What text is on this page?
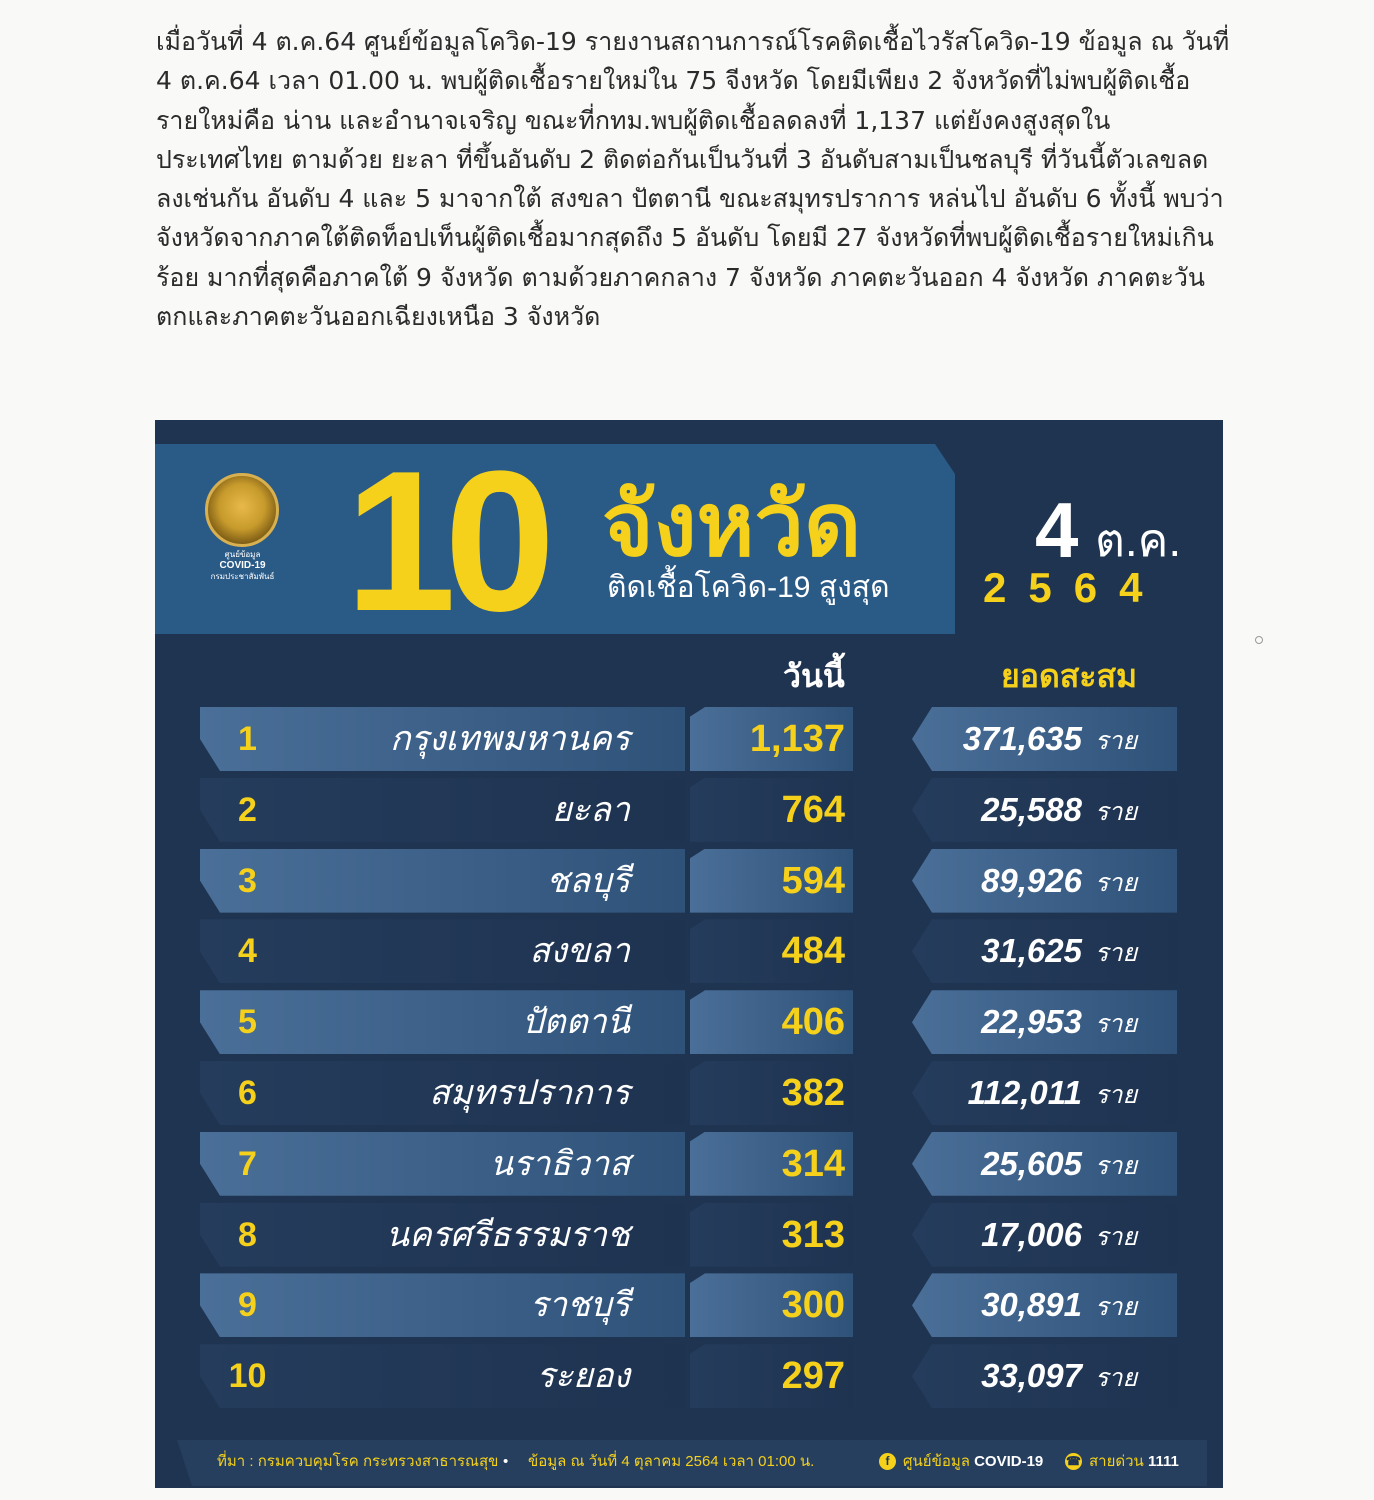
เมื่อวันที่ 4 ต.ค.64 ศูนย์ข้อมูลโควิด-19 รายงานสถานการณ์โรคติดเชื้อไวรัสโควิด-19 ข้อมูล ณ วันที่ 4 ต.ค.64 เวลา 01.00 น. พบผู้ติดเชื้อรายใหม่ใน 75 จีงหวัด โดยมีเพียง 2 จังหวัดที่ไม่พบผู้ติดเชื้อรายใหม่คือ น่าน และอำนาจเจริญ ขณะที่กทม.พบผู้ติดเชื้อลดลงที่ 1,137 แต่ยังคงสูงสุดในประเทศไทย ตามด้วย ยะลา ที่ขึ้นอันดับ 2 ติดต่อกันเป็นวันที่ 3 อันดับสามเป็นชลบุรี ที่วันนี้ตัวเลขลดลงเช่นกัน อันดับ 4 และ 5 มาจากใต้ สงขลา ปัตตานี ขณะสมุทรปราการ หล่นไป อันดับ 6 ทั้งนี้ พบว่า จังหวัดจากภาคใต้ติดท็อปเท็นผู้ติดเชื้อมากสุดถึง 5 อันดับ โดยมี 27 จังหวัดที่พบผู้ติดเชื้อรายใหม่เกินร้อย มากที่สุดคือภาคใต้ 9 จังหวัด ตามด้วยภาคกลาง 7 จังหวัด ภาคตะวันออก 4 จังหวัด ภาคตะวันตกและภาคตะวันออกเฉียงเหนือ 3 จังหวัด

ศูนย์ข้อมูล
COVID-19
กรมประชาสัมพันธ์ 10 จังหวัด
ติดเชื้อโควิด-19 สูงสุด
4 ต.ค.
2564
วันนี้	ยอดสะสม
1	กรุงเทพมหานคร	1,137	371,635 ราย
2	ยะลา	764	25,588 ราย
3	ชลบุรี	594	89,926 ราย
4	สงขลา	484	31,625 ราย
5	ปัตตานี	406	22,953 ราย
6	สมุทรปราการ	382	112,011 ราย
7	นราธิวาส	314	25,605 ราย
8	นครศรีธรรมราช	313	17,006 ราย
9	ราชบุรี	300	30,891 ราย
10	ระยอง	297	33,097 ราย
ที่มา : กรมควบคุมโรค กระทรวงสาธารณสุข • ข้อมูล ณ วันที่ 4 ตุลาคม 2564 เวลา 01:00 น.	f ศูนย์ข้อมูล COVID-19 ☎ สายด่วน 1111
